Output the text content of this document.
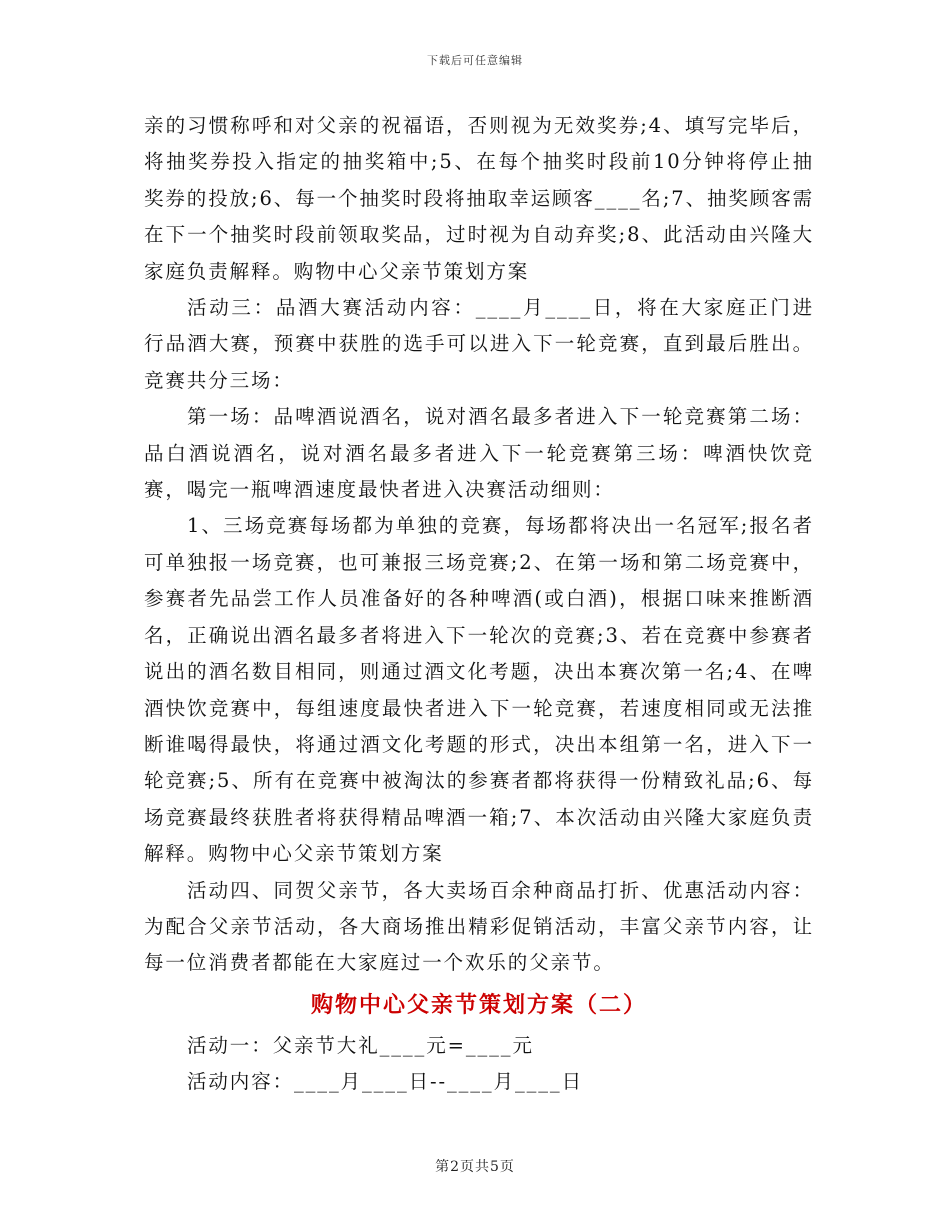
下载后可任意编辑

亲的习惯称呼和对父亲的祝福语，否则视为无效奖券;4、填写完毕后，将抽奖券投入指定的抽奖箱中;5、在每个抽奖时段前10分钟将停止抽奖券的投放;6、每一个抽奖时段将抽取幸运顾客____名;7、抽奖顾客需在下一个抽奖时段前领取奖品，过时视为自动弃奖;8、此活动由兴隆大家庭负责解释。购物中心父亲节策划方案

活动三：品酒大赛活动内容：____月____日，将在大家庭正门进行品酒大赛，预赛中获胜的选手可以进入下一轮竞赛，直到最后胜出。竞赛共分三场：

第一场：品啤酒说酒名，说对酒名最多者进入下一轮竞赛第二场：品白酒说酒名，说对酒名最多者进入下一轮竞赛第三场：啤酒快饮竞赛，喝完一瓶啤酒速度最快者进入决赛活动细则：

1、三场竞赛每场都为单独的竞赛，每场都将决出一名冠军;报名者可单独报一场竞赛，也可兼报三场竞赛;2、在第一场和第二场竞赛中，参赛者先品尝工作人员准备好的各种啤酒(或白酒)，根据口味来推断酒名，正确说出酒名最多者将进入下一轮次的竞赛;3、若在竞赛中参赛者说出的酒名数目相同，则通过酒文化考题，决出本赛次第一名;4、在啤酒快饮竞赛中，每组速度最快者进入下一轮竞赛，若速度相同或无法推断谁喝得最快，将通过酒文化考题的形式，决出本组第一名，进入下一轮竞赛;5、所有在竞赛中被淘汰的参赛者都将获得一份精致礼品;6、每场竞赛最终获胜者将获得精品啤酒一箱;7、本次活动由兴隆大家庭负责解释。购物中心父亲节策划方案

活动四、同贺父亲节，各大卖场百余种商品打折、优惠活动内容：为配合父亲节活动，各大商场推出精彩促销活动，丰富父亲节内容，让每一位消费者都能在大家庭过一个欢乐的父亲节。

购物中心父亲节策划方案（二）

活动一：父亲节大礼____元=____元

活动内容：____月____日--____月____日

第2页共5页
